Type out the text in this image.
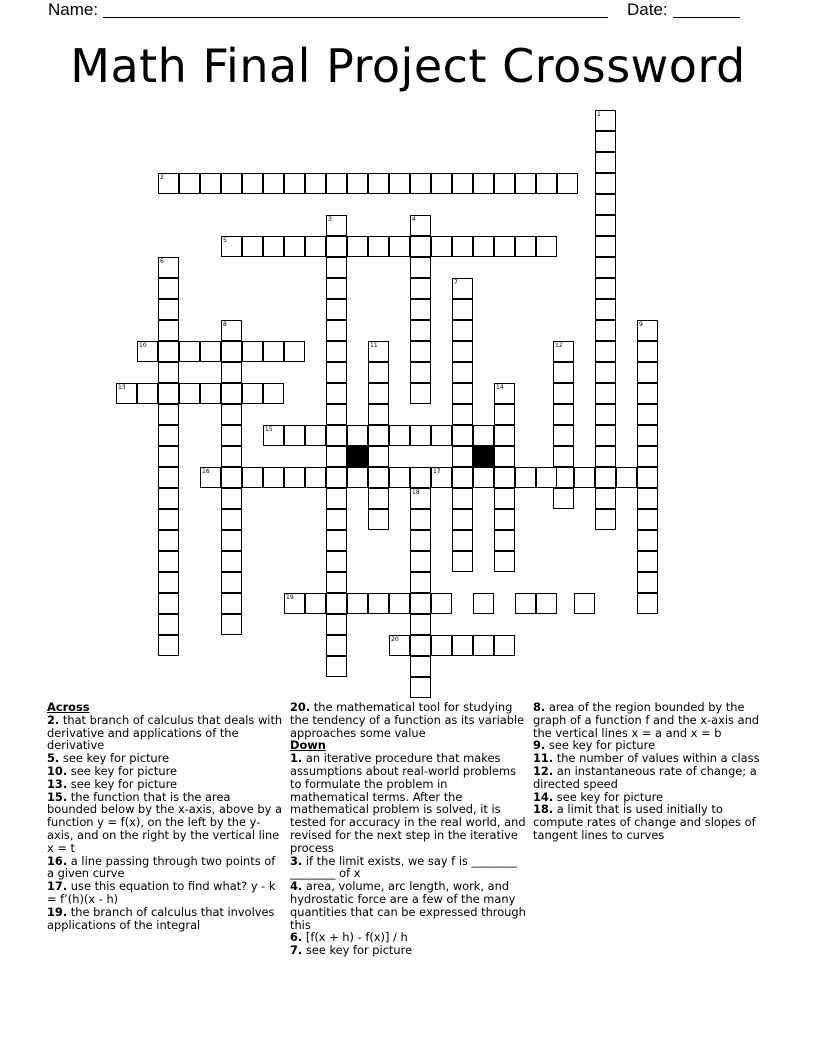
Name:	Date:
Math Final Project Crossword
1
2
5
3	4
6
7
8	9
10	11	12
13	14
15
16	17
18
19
20
Across
2. that branch of calculus that deals with derivative and applications of the derivative
5. see key for picture
10. see key for picture
13. see key for picture
15. the function that is the area bounded below by the x-axis, above by a function y = f(x), on the left by the y-axis, and on the right by the vertical line x = t
16. a line passing through two points of a given curve
17. use this equation to find what? y - k = f’(h)(x - h)
19. the branch of calculus that involves applications of the integral
20. the mathematical tool for studying the tendency of a function as its variable approaches some value
Down
1. an iterative procedure that makes assumptions about real-world problems to formulate the problem in mathematical terms. After the mathematical problem is solved, it is tested for accuracy in the real world, and revised for the next step in the iterative process
3. if the limit exists, we say f is ________ ________ of x
4. area, volume, arc length, work, and hydrostatic force are a few of the many quantities that can be expressed through this
6. [f(x + h) - f(x)] / h
7. see key for picture
8. area of the region bounded by the graph of a function f and the x-axis and the vertical lines x = a and x = b
9. see key for picture
11. the number of values within a class
12. an instantaneous rate of change; a directed speed
14. see key for picture
18. a limit that is used initially to compute rates of change and slopes of tangent lines to curves
